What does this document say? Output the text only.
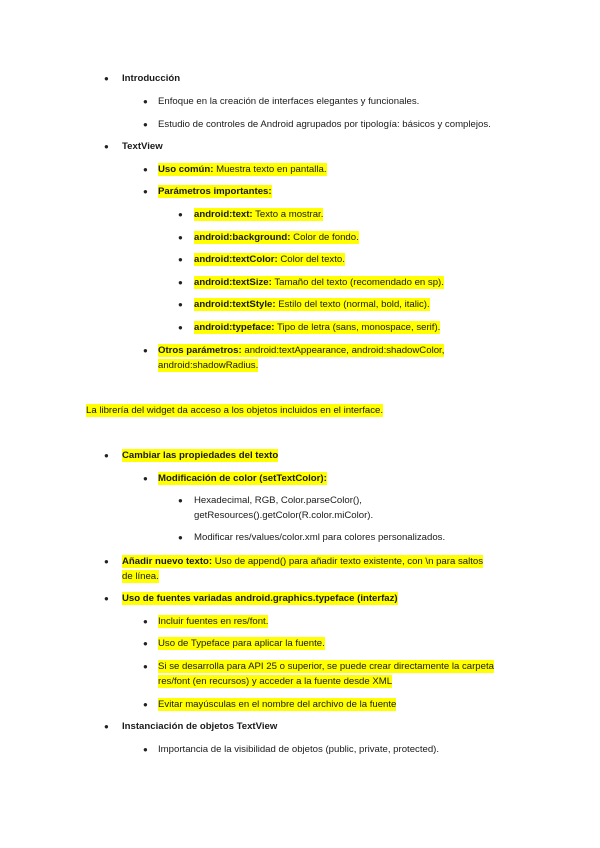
● Introducción
● Enfoque en la creación de interfaces elegantes y funcionales.
● Estudio de controles de Android agrupados por tipología: básicos y complejos.
● TextView
● Uso común: Muestra texto en pantalla.
● Parámetros importantes:
● android:text: Texto a mostrar.
● android:background: Color de fondo.
● android:textColor: Color del texto.
● android:textSize: Tamaño del texto (recomendado en sp).
● android:textStyle: Estilo del texto (normal, bold, italic).
● android:typeface: Tipo de letra (sans, monospace, serif).
● Otros parámetros: android:textAppearance, android:shadowColor,
android:shadowRadius.
La librería del widget da acceso a los objetos incluidos en el interface.
● Cambiar las propiedades del texto
● Modificación de color (setTextColor):
● Hexadecimal, RGB, Color.parseColor(),
getResources().getColor(R.color.miColor).
● Modificar res/values/color.xml para colores personalizados.
● Añadir nuevo texto: Uso de append() para añadir texto existente, con \n para saltos
de línea.
● Uso de fuentes variadas android.graphics.typeface (interfaz)
● Incluir fuentes en res/font.
● Uso de Typeface para aplicar la fuente.
● Si se desarrolla para API 25 o superior, se puede crear directamente la carpeta
res/font (en recursos) y acceder a la fuente desde XML
● Evitar mayúsculas en el nombre del archivo de la fuente
● Instanciación de objetos TextView
● Importancia de la visibilidad de objetos (public, private, protected).
